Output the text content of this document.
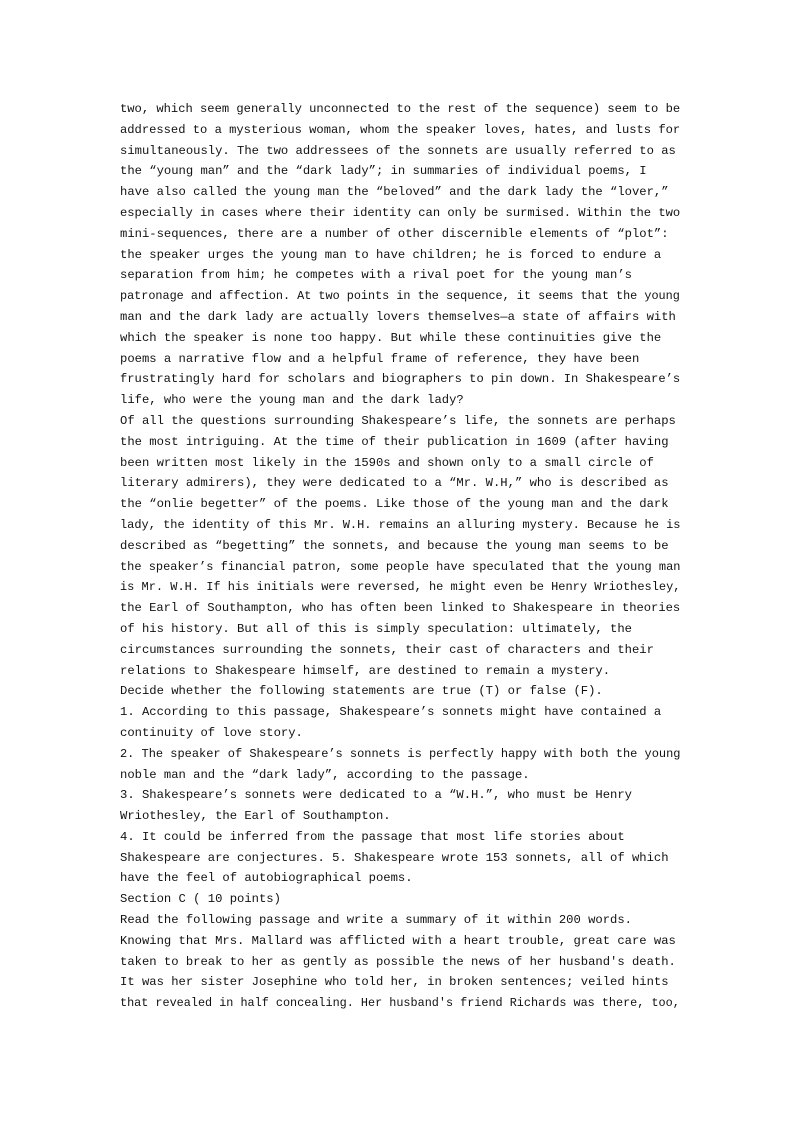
two, which seem generally unconnected to the rest of the sequence) seem to be
addressed to a mysterious woman, whom the speaker loves, hates, and lusts for

simultaneously. The two addressees of the sonnets are usually referred to as
the “young man” and the “dark lady”; in summaries of individual poems, I
have also called the young man the “beloved” and the dark lady the “lover,”
especially in cases where their identity can only be surmised. Within the two

mini-sequences, there are a number of other discernible elements of “plot”:
the speaker urges the young man to have children; he is forced to endure a
separation from him; he competes with a rival poet for the young man’s
patronage and affection. At two points in the sequence, it seems that the young

man and the dark lady are actually lovers themselves—a state of affairs with
which the speaker is none too happy. But while these continuities give the
poems a narrative flow and a helpful frame of reference, they have been
frustratingly hard for scholars and biographers to pin down. In Shakespeare’s

life, who were the young man and the dark lady?
Of all the questions surrounding Shakespeare’s life, the sonnets are perhaps
the most intriguing. At the time of their publication in 1609 (after having
been written most likely in the 1590s and shown only to a small circle of
literary admirers), they were dedicated to a “Mr. W.H,” who is described as
the “onlie begetter” of the poems. Like those of the young man and the dark
lady, the identity of this Mr. W.H. remains an alluring mystery. Because he is

described as “begetting” the sonnets, and because the young man seems to be
the speaker’s financial patron, some people have speculated that the young man
is Mr. W.H. If his initials were reversed, he might even be Henry Wriothesley,
the Earl of Southampton, who has often been linked to Shakespeare in theories

of his history. But all of this is simply speculation: ultimately, the
circumstances surrounding the sonnets, their cast of characters and their
relations to Shakespeare himself, are destined to remain a mystery.
Decide whether the following statements are true (T) or false (F).
1. According to this passage, Shakespeare’s sonnets might have contained a
continuity of love story.
2. The speaker of Shakespeare’s sonnets is perfectly happy with both the young

noble man and the “dark lady”, according to the passage.
3. Shakespeare’s sonnets were dedicated to a “W.H.”, who must be Henry
Wriothesley, the Earl of Southampton.
4. It could be inferred from the passage that most life stories about
Shakespeare are conjectures. 5. Shakespeare wrote 153 sonnets, all of which
have the feel of autobiographical poems.
Section C ( 10 points)
Read the following passage and write a summary of it within 200 words.
Knowing that Mrs. Mallard was afflicted with a heart trouble, great care was
taken to break to her as gently as possible the news of her husband's death.
It was her sister Josephine who told her, in broken sentences; veiled hints
that revealed in half concealing. Her husband's friend Richards was there, too,
